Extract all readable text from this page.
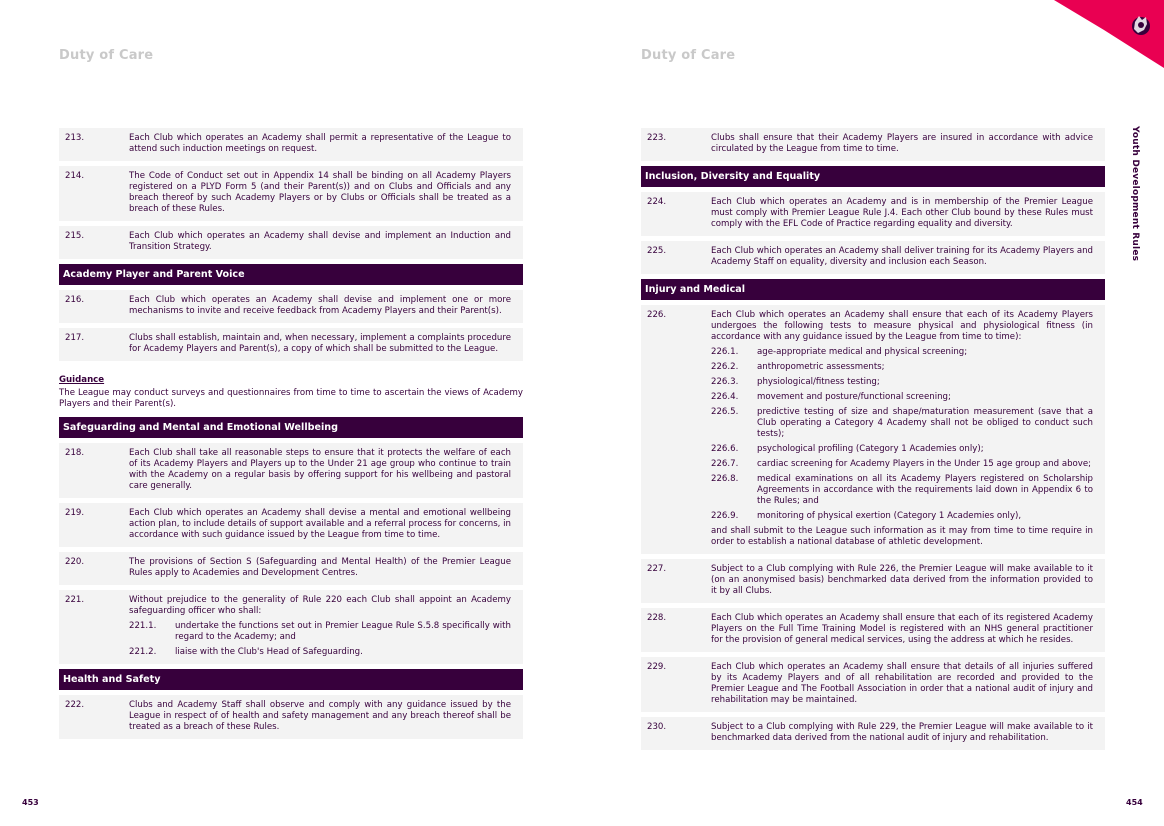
Duty of Care	Duty of Care
213.	Each Club which operates an Academy shall permit a representative of the League to attend such induction meetings on request.
214.	The Code of Conduct set out in Appendix 14 shall be binding on all Academy Players registered on a PLYD Form 5 (and their Parent(s)) and on Clubs and Officials and any breach thereof by such Academy Players or by Clubs or Officials shall be treated as a breach of these Rules.
215.	Each Club which operates an Academy shall devise and implement an Induction and Transition Strategy.
Academy Player and Parent Voice
216.	Each Club which operates an Academy shall devise and implement one or more mechanisms to invite and receive feedback from Academy Players and their Parent(s).
217.	Clubs shall establish, maintain and, when necessary, implement a complaints procedure for Academy Players and Parent(s), a copy of which shall be submitted to the League.
Guidance
The League may conduct surveys and questionnaires from time to time to ascertain the views of Academy Players and their Parent(s).
Safeguarding and Mental and Emotional Wellbeing
218.	Each Club shall take all reasonable steps to ensure that it protects the welfare of each of its Academy Players and Players up to the Under 21 age group who continue to train with the Academy on a regular basis by offering support for his wellbeing and pastoral care generally.
219.	Each Club which operates an Academy shall devise a mental and emotional wellbeing action plan, to include details of support available and a referral process for concerns, in accordance with such guidance issued by the League from time to time.
220.	The provisions of Section S (Safeguarding and Mental Health) of the Premier League Rules apply to Academies and Development Centres.
221.	Without prejudice to the generality of Rule 220 each Club shall appoint an Academy safeguarding officer who shall:
221.1.	undertake the functions set out in Premier League Rule S.5.8 specifically with regard to the Academy; and
221.2.	liaise with the Club's Head of Safeguarding.
Health and Safety
222.	Clubs and Academy Staff shall observe and comply with any guidance issued by the League in respect of of health and safety management and any breach thereof shall be treated as a breach of these Rules.
223.	Clubs shall ensure that their Academy Players are insured in accordance with advice circulated by the League from time to time.
Inclusion, Diversity and Equality
224.	Each Club which operates an Academy and is in membership of the Premier League must comply with Premier League Rule J.4. Each other Club bound by these Rules must comply with the EFL Code of Practice regarding equality and diversity.
225.	Each Club which operates an Academy shall deliver training for its Academy Players and Academy Staff on equality, diversity and inclusion each Season.
Injury and Medical
226.	Each Club which operates an Academy shall ensure that each of its Academy Players undergoes the following tests to measure physical and physiological fitness (in accordance with any guidance issued by the League from time to time):
226.1.	age-appropriate medical and physical screening;
226.2.	anthropometric assessments;
226.3.	physiological/fitness testing;
226.4.	movement and posture/functional screening;
226.5.	predictive testing of size and shape/maturation measurement (save that a Club operating a Category 4 Academy shall not be obliged to conduct such tests);
226.6.	psychological profiling (Category 1 Academies only);
226.7.	cardiac screening for Academy Players in the Under 15 age group and above;
226.8.	medical examinations on all its Academy Players registered on Scholarship Agreements in accordance with the requirements laid down in Appendix 6 to the Rules; and
226.9.	monitoring of physical exertion (Category 1 Academies only),
and shall submit to the League such information as it may from time to time require in order to establish a national database of athletic development.
227.	Subject to a Club complying with Rule 226, the Premier League will make available to it (on an anonymised basis) benchmarked data derived from the information provided to it by all Clubs.
228.	Each Club which operates an Academy shall ensure that each of its registered Academy Players on the Full Time Training Model is registered with an NHS general practitioner for the provision of general medical services, using the address at which he resides.
229.	Each Club which operates an Academy shall ensure that details of all injuries suffered by its Academy Players and of all rehabilitation are recorded and provided to the Premier League and The Football Association in order that a national audit of injury and rehabilitation may be maintained.
230.	Subject to a Club complying with Rule 229, the Premier League will make available to it benchmarked data derived from the national audit of injury and rehabilitation.
Youth Development Rules
453	454
